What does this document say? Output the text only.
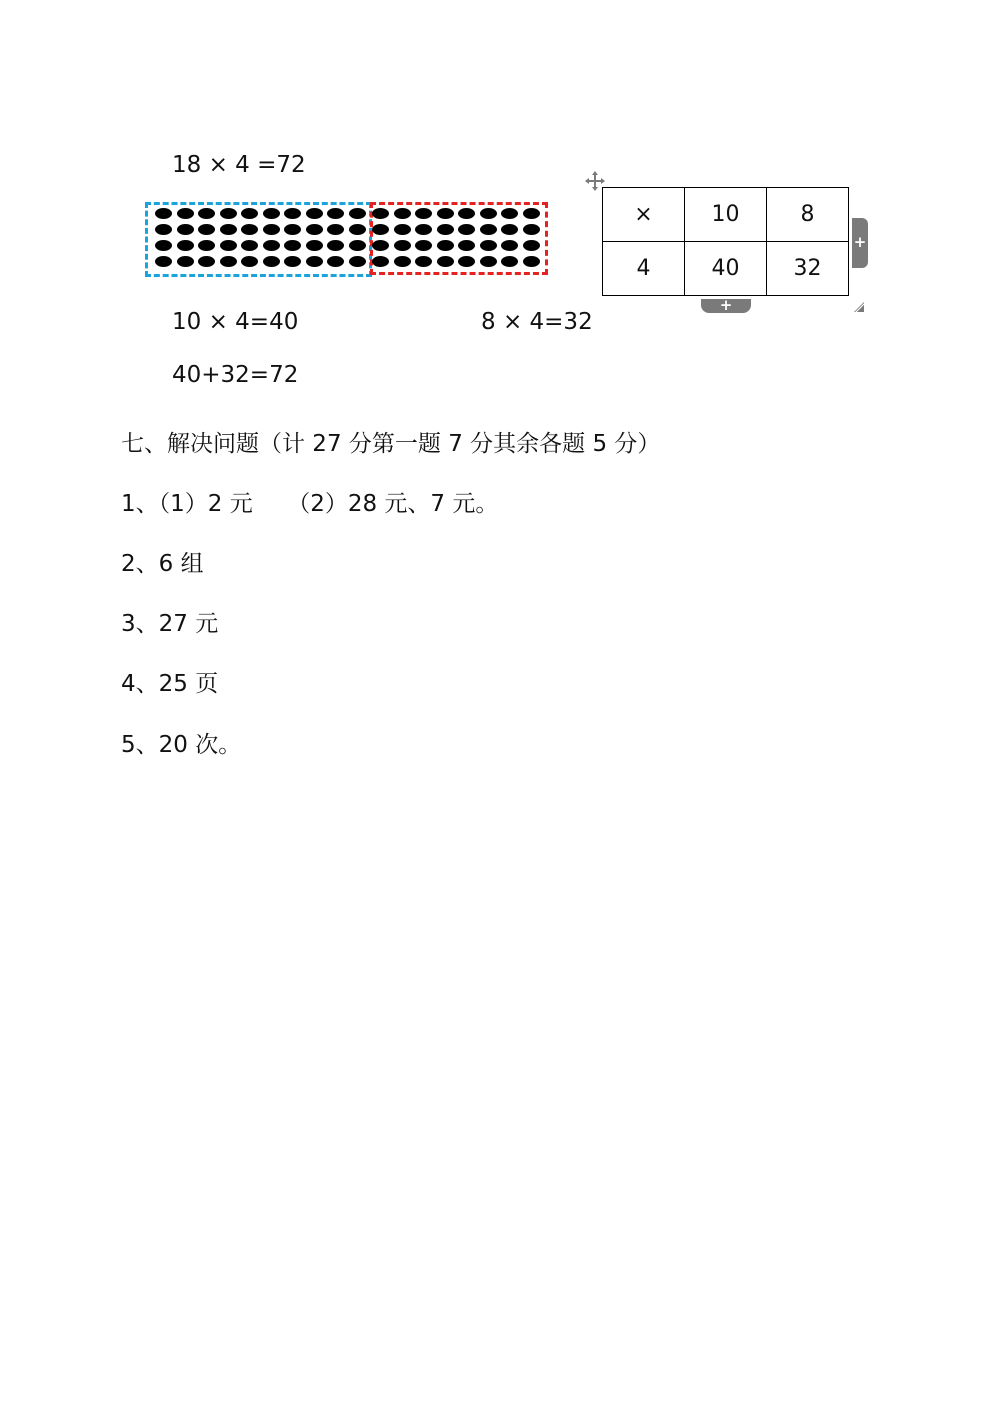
18 × 4 =72
10 × 4=40	8 × 4=32
40+32=72
×	10	8
4	40	32
+
+
七、解决问题（计 27 分第一题 7 分其余各题 5 分）
1、（1）2 元　　（2）28 元、7 元。
2、6 组
3、27 元
4、25 页
5、20 次。
